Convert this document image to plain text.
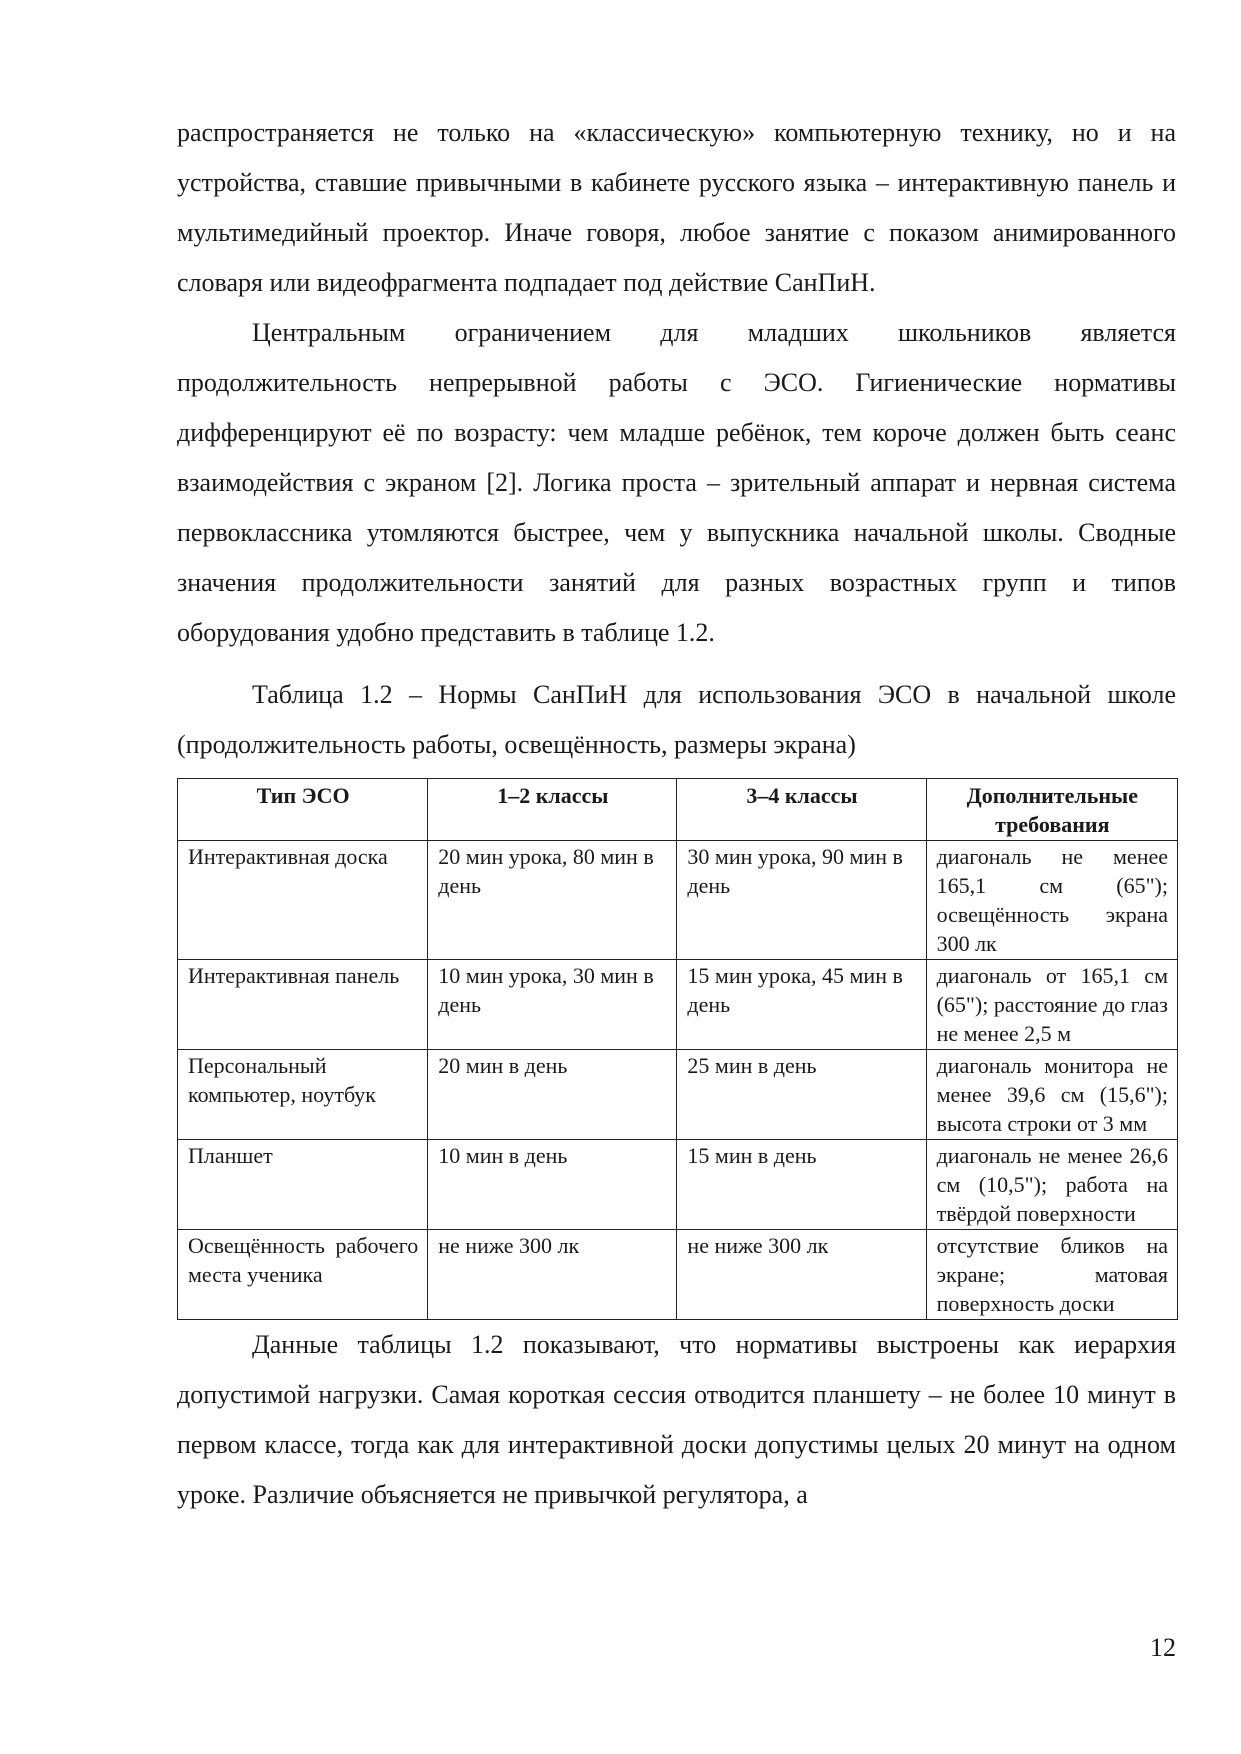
распространяется не только на «классическую» компьютерную технику, но и на устройства, ставшие привычными в кабинете русского языка – интерактивную панель и мультимедийный проектор. Иначе говоря, любое занятие с показом анимированного словаря или видеофрагмента подпадает под действие СанПиН.

Центральным ограничением для младших школьников является продолжительность непрерывной работы с ЭСО. Гигиенические нормативы дифференцируют её по возрасту: чем младше ребёнок, тем короче должен быть сеанс взаимодействия с экраном [2]. Логика проста – зрительный аппарат и нервная система первоклассника утомляются быстрее, чем у выпускника начальной школы. Сводные значения продолжительности занятий для разных возрастных групп и типов оборудования удобно представить в таблице 1.2.

Таблица 1.2 – Нормы СанПиН для использования ЭСО в начальной школе (продолжительность работы, освещённость, размеры экрана)

Тип ЭСО	1–2 классы	3–4 классы	Дополнительные требования
Интерактивная доска	20 мин урока, 80 мин в день	30 мин урока, 90 мин в день	диагональ не менее 165,1 см (65"); освещённость экрана 300 лк
Интерактивная панель	10 мин урока, 30 мин в день	15 мин урока, 45 мин в день	диагональ от 165,1 см (65"); расстояние до глаз не менее 2,5 м
Персональный компьютер, ноутбук	20 мин в день	25 мин в день	диагональ монитора не менее 39,6 см (15,6"); высота строки от 3 мм
Планшет	10 мин в день	15 мин в день	диагональ не менее 26,6 см (10,5"); работа на твёрдой поверхности
Освещённость рабочего места ученика	не ниже 300 лк	не ниже 300 лк	отсутствие бликов на экране; матовая поверхность доски

Данные таблицы 1.2 показывают, что нормативы выстроены как иерархия допустимой нагрузки. Самая короткая сессия отводится планшету – не более 10 минут в первом классе, тогда как для интерактивной доски допустимы целых 20 минут на одном уроке. Различие объясняется не привычкой регулятора, а

12
